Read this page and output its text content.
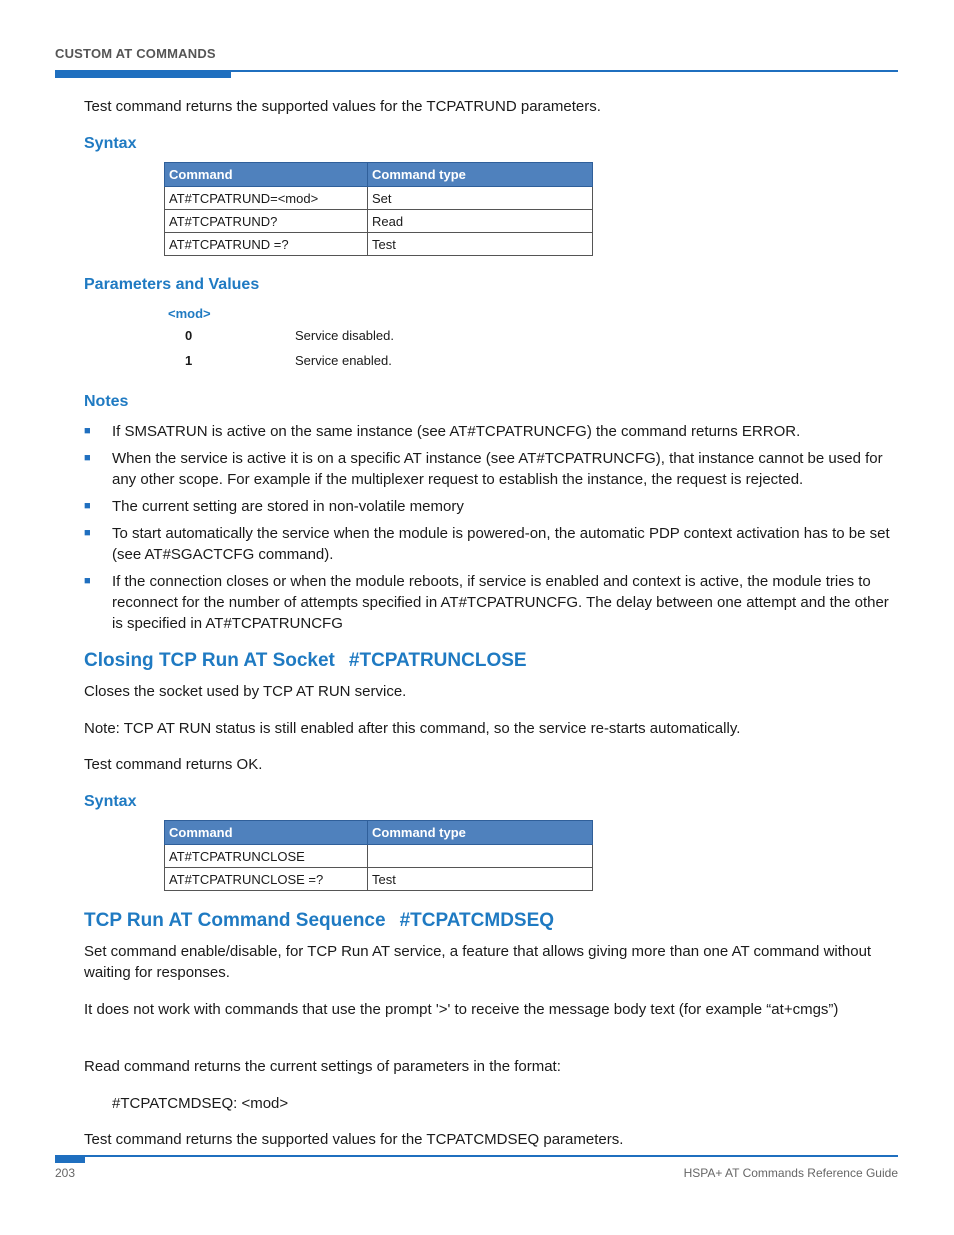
CUSTOM AT COMMANDS
Test command returns the supported values for the TCPATRUND parameters.
Syntax
Command	Command type
AT#TCPATRUND=<mod>	Set
AT#TCPATRUND?	Read
AT#TCPATRUND =?	Test
Parameters and Values
<mod>
0	Service disabled.
1	Service enabled.
Notes
■ If SMSATRUN is active on the same instance (see AT#TCPATRUNCFG) the command returns ERROR.
■ When the service is active it is on a specific AT instance (see AT#TCPATRUNCFG), that instance cannot be used for any other scope. For example if the multiplexer request to establish the instance, the request is rejected.
■ The current setting are stored in non-volatile memory
■ To start automatically the service when the module is powered-on, the automatic PDP context activation has to be set (see AT#SGACTCFG command).
■ If the connection closes or when the module reboots, if service is enabled and context is active, the module tries to reconnect for the number of attempts specified in AT#TCPATRUNCFG. The delay between one attempt and the other is specified in AT#TCPATRUNCFG
Closing TCP Run AT Socket #TCPATRUNCLOSE
Closes the socket used by TCP AT RUN service.
Note: TCP AT RUN status is still enabled after this command, so the service re-starts automatically.
Test command returns OK.
Syntax
Command	Command type
AT#TCPATRUNCLOSE	
AT#TCPATRUNCLOSE =?	Test
TCP Run AT Command Sequence #TCPATCMDSEQ
Set command enable/disable, for TCP Run AT service, a feature that allows giving more than one AT command without waiting for responses.
It does not work with commands that use the prompt '>' to receive the message body text (for example “at+cmgs”)
Read command returns the current settings of parameters in the format:
#TCPATCMDSEQ: <mod>
Test command returns the supported values for the TCPATCMDSEQ parameters.
203	HSPA+ AT Commands Reference Guide
